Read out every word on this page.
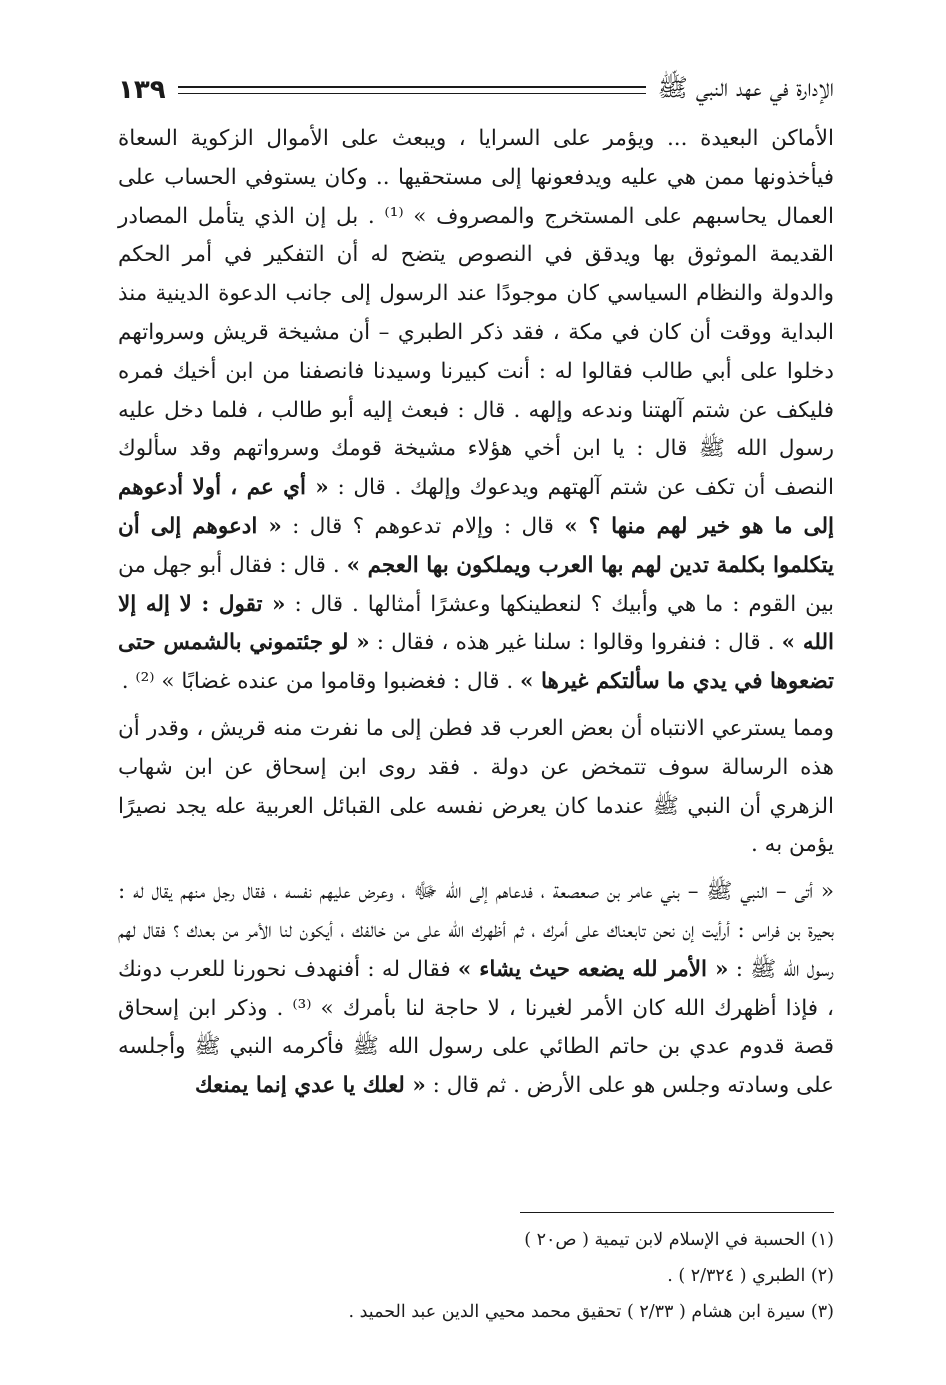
١٣٩	الإدارة في عهد النبي ﷺ

الأماكن البعيدة ... ويؤمر على السرايا ، ويبعث على الأموال الزكوية السعاة فيأخذونها ممن هي عليه ويدفعونها إلى مستحقيها .. وكان يستوفي الحساب على العمال يحاسبهم على المستخرج والمصروف » ⁽¹⁾ . بل إن الذي يتأمل المصادر القديمة الموثوق بها ويدقق في النصوص يتضح له أن التفكير في أمر الحكم والدولة والنظام السياسي كان موجودًا عند الرسول إلى جانب الدعوة الدينية منذ البداية ووقت أن كان في مكة ، فقد ذكر الطبري – أن مشيخة قريش وسرواتهم دخلوا على أبي طالب فقالوا له : أنت كبيرنا وسيدنا فانصفنا من ابن أخيك فمره فليكف عن شتم آلهتنا وندعه وإلهه . قال : فبعث إليه أبو طالب ، فلما دخل عليه رسول الله ﷺ قال : يا ابن أخي هؤلاء مشيخة قومك وسرواتهم وقد سألوك النصف أن تكف عن شتم آلهتهم ويدعوك وإلهك . قال : « أي عم ، أولا أدعوهم إلى ما هو خير لهم منها ؟ » قال : وإلام تدعوهم ؟ قال : « ادعوهم إلى أن يتكلموا بكلمة تدين لهم بها العرب ويملكون بها العجم » . قال : فقال أبو جهل من بين القوم : ما هي وأبيك ؟ لنعطينكها وعشرًا أمثالها . قال : « تقول : لا إله إلا الله » . قال : فنفروا وقالوا : سلنا غير هذه ، فقال : « لو جئتموني بالشمس حتى تضعوها في يدي ما سألتكم غيرها » . قال : فغضبوا وقاموا من عنده غضابًا » ⁽²⁾ .

ومما يسترعي الانتباه أن بعض العرب قد فطن إلى ما نفرت منه قريش ، وقدر أن هذه الرسالة سوف تتمخض عن دولة . فقد روى ابن إسحاق عن ابن شهاب الزهري أن النبي ﷺ عندما كان يعرض نفسه على القبائل العربية عله يجد نصيرًا يؤمن به .

« أتى – النبي ﷺ – بني عامر بن صعصعة ، فدعاهم إلى الله ﷻ ، وعرض عليهم نفسه ، فقال رجل منهم يقال له : بحيرة بن فراس : أرأيت إن نحن تابعناك على أمرك ، ثم أظهرك الله على من خالفك ، أيكون لنا الأمر من بعدك ؟ فقال لهم رسول الله ﷺ : « الأمر لله يضعه حيث يشاء » فقال له : أفنهدف نحورنا للعرب دونك ، فإذا أظهرك الله كان الأمر لغيرنا ، لا حاجة لنا بأمرك » ⁽³⁾ . وذكر ابن إسحاق قصة قدوم عدي بن حاتم الطائي على رسول الله ﷺ فأكرمه النبي ﷺ وأجلسه على وسادته وجلس هو على الأرض . ثم قال : « لعلك يا عدي إنما يمنعك

(١) الحسبة في الإسلام لابن تيمية ( ص٢٠ )
(٢) الطبري ( ٢/٣٢٤ ) .
(٣) سيرة ابن هشام ( ٢/٣٣ ) تحقيق محمد محيي الدين عبد الحميد .
